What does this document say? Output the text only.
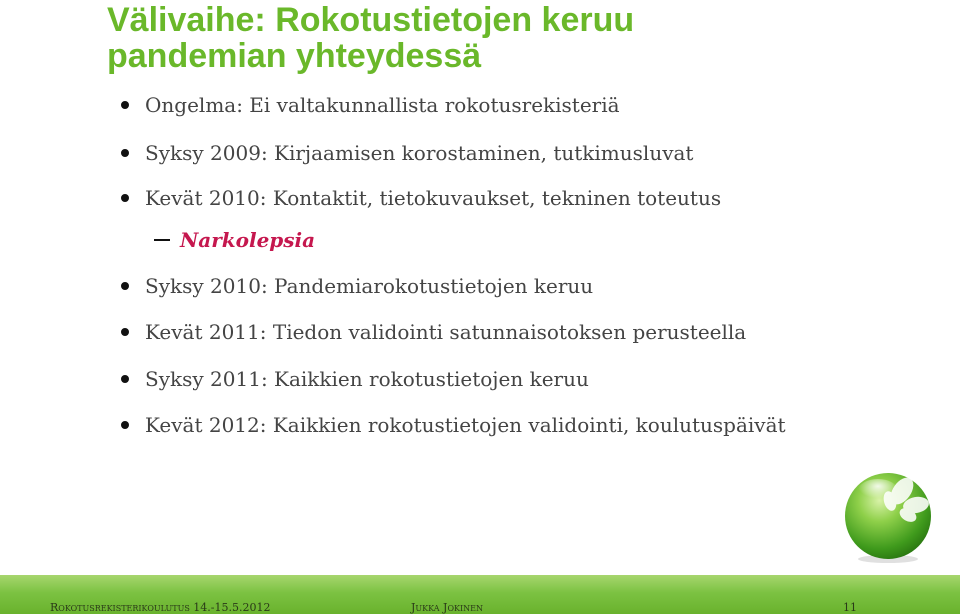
Välivaihe: Rokotustietojen keruu
pandemian yhteydessä
Ongelma: Ei valtakunnallista rokotusrekisteriä
Syksy 2009: Kirjaamisen korostaminen, tutkimusluvat
Kevät 2010: Kontaktit, tietokuvaukset, tekninen toteutus
Narkolepsia
Syksy 2010: Pandemiarokotustietojen keruu
Kevät 2011: Tiedon validointi satunnaisotoksen perusteella
Syksy 2011: Kaikkien rokotustietojen keruu
Kevät 2012: Kaikkien rokotustietojen validointi, koulutuspäivät
Rokotusrekisterikoulutus 14.-15.5.2012	Jukka Jokinen	11
